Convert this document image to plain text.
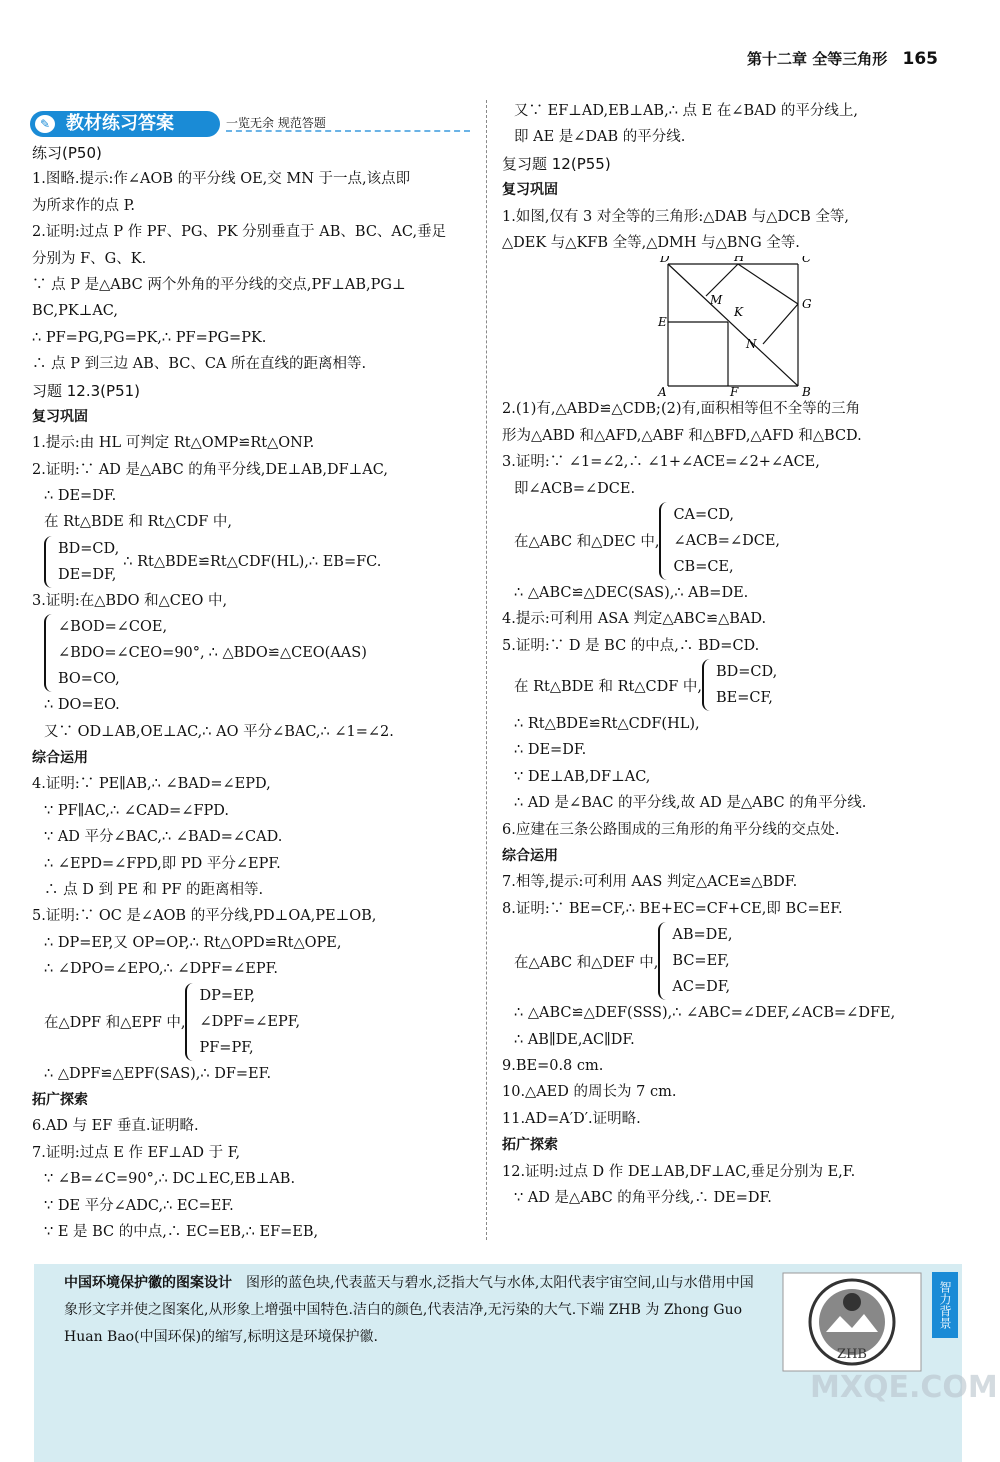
第十二章 全等三角形 165
✎ 教材练习答案	一览无余 规范答题
练习(P50)
1.图略.提示:作∠AOB 的平分线 OE,交 MN 于一点,该点即
为所求作的点 P.
2.证明:过点 P 作 PF、PG、PK 分别垂直于 AB、BC、AC,垂足
分别为 F、G、K.
∵ 点 P 是△ABC 两个外角的平分线的交点,PF⊥AB,PG⊥
BC,PK⊥AC,
∴ PF=PG,PG=PK,∴ PF=PG=PK.
∴ 点 P 到三边 AB、BC、CA 所在直线的距离相等.
习题 12.3(P51)
复习巩固
1.提示:由 HL 可判定 Rt△OMP≌Rt△ONP.
2.证明:∵ AD 是△ABC 的角平分线,DE⊥AB,DF⊥AC,
∴ DE=DF.
在 Rt△BDE 和 Rt△CDF 中,
BD=CD,
DE=DF,
∴ Rt△BDE≌Rt△CDF(HL),∴ EB=FC.
3.证明:在△BDO 和△CEO 中,
∠BOD=∠COE,
∠BDO=∠CEO=90°,
BO=CO,
∴ △BDO≌△CEO(AAS)
∴ DO=EO.
又∵ OD⊥AB,OE⊥AC,∴ AO 平分∠BAC,∴ ∠1=∠2.
综合运用
4.证明:∵ PE∥AB,∴ ∠BAD=∠EPD,
∵ PF∥AC,∴ ∠CAD=∠FPD.
∵ AD 平分∠BAC,∴ ∠BAD=∠CAD.
∴ ∠EPD=∠FPD,即 PD 平分∠EPF.
∴ 点 D 到 PE 和 PF 的距离相等.
5.证明:∵ OC 是∠AOB 的平分线,PD⊥OA,PE⊥OB,
∴ DP=EP,又 OP=OP,∴ Rt△OPD≌Rt△OPE,
∴ ∠DPO=∠EPO,∴ ∠DPF=∠EPF.
在△DPF 和△EPF 中,
DP=EP,
∠DPF=∠EPF,
PF=PF,
∴ △DPF≌△EPF(SAS),∴ DF=EF.
拓广探索
6.AD 与 EF 垂直.证明略.
7.证明:过点 E 作 EF⊥AD 于 F,
∵ ∠B=∠C=90°,∴ DC⊥EC,EB⊥AB.
∵ DE 平分∠ADC,∴ EC=EF.
∵ E 是 BC 的中点,∴ EC=EB,∴ EF=EB,
又∵ EF⊥AD,EB⊥AB,∴ 点 E 在∠BAD 的平分线上,
即 AE 是∠DAB 的平分线.
复习题 12(P55)
复习巩固
1.如图,仅有 3 对全等的三角形:△DAB 与△DCB 全等,
△DEK 与△KFB 全等,△DMH 与△BNG 全等.
D	H	C
G
M
K
E
N
A	F	B
2.(1)有,△ABD≌△CDB;(2)有,面积相等但不全等的三角
形为△ABD 和△AFD,△ABF 和△BFD,△AFD 和△BCD.
3.证明:∵ ∠1=∠2,∴ ∠1+∠ACE=∠2+∠ACE,
即∠ACB=∠DCE.
在△ABC 和△DEC 中,
CA=CD,
∠ACB=∠DCE,
CB=CE,
∴ △ABC≌△DEC(SAS),∴ AB=DE.
4.提示:可利用 ASA 判定△ABC≌△BAD.
5.证明:∵ D 是 BC 的中点,∴ BD=CD.
在 Rt△BDE 和 Rt△CDF 中,
BD=CD,
BE=CF,
∴ Rt△BDE≌Rt△CDF(HL),
∴ DE=DF.
∵ DE⊥AB,DF⊥AC,
∴ AD 是∠BAC 的平分线,故 AD 是△ABC 的角平分线.
6.应建在三条公路围成的三角形的角平分线的交点处.
综合运用
7.相等,提示:可利用 AAS 判定△ACE≌△BDF.
8.证明:∵ BE=CF,∴ BE+EC=CF+CE,即 BC=EF.
在△ABC 和△DEF 中,
AB=DE,
BC=EF,
AC=DF,
∴ △ABC≌△DEF(SSS),∴ ∠ABC=∠DEF,∠ACB=∠DFE,
∴ AB∥DE,AC∥DF.
9.BE=0.8 cm.
10.△AED 的周长为 7 cm.
11.AD=A′D′.证明略.
拓广探索
12.证明:过点 D 作 DE⊥AB,DF⊥AC,垂足分别为 E,F.
∵ AD 是△ABC 的角平分线,∴ DE=DF.
中国环境保护徽的图案设计 图形的蓝色块,代表蓝天与碧水,泛指大气与水体,太阳代表宇宙空间,山与水借用中国象形文字并使之图案化,从形象上增强中国特色.洁白的颜色,代表洁净,无污染的大气.下端 ZHB 为 Zhong Guo Huan Bao(中国环保)的缩写,标明这是环境保护徽.
ZHB
智力背景
MXQE.COM
